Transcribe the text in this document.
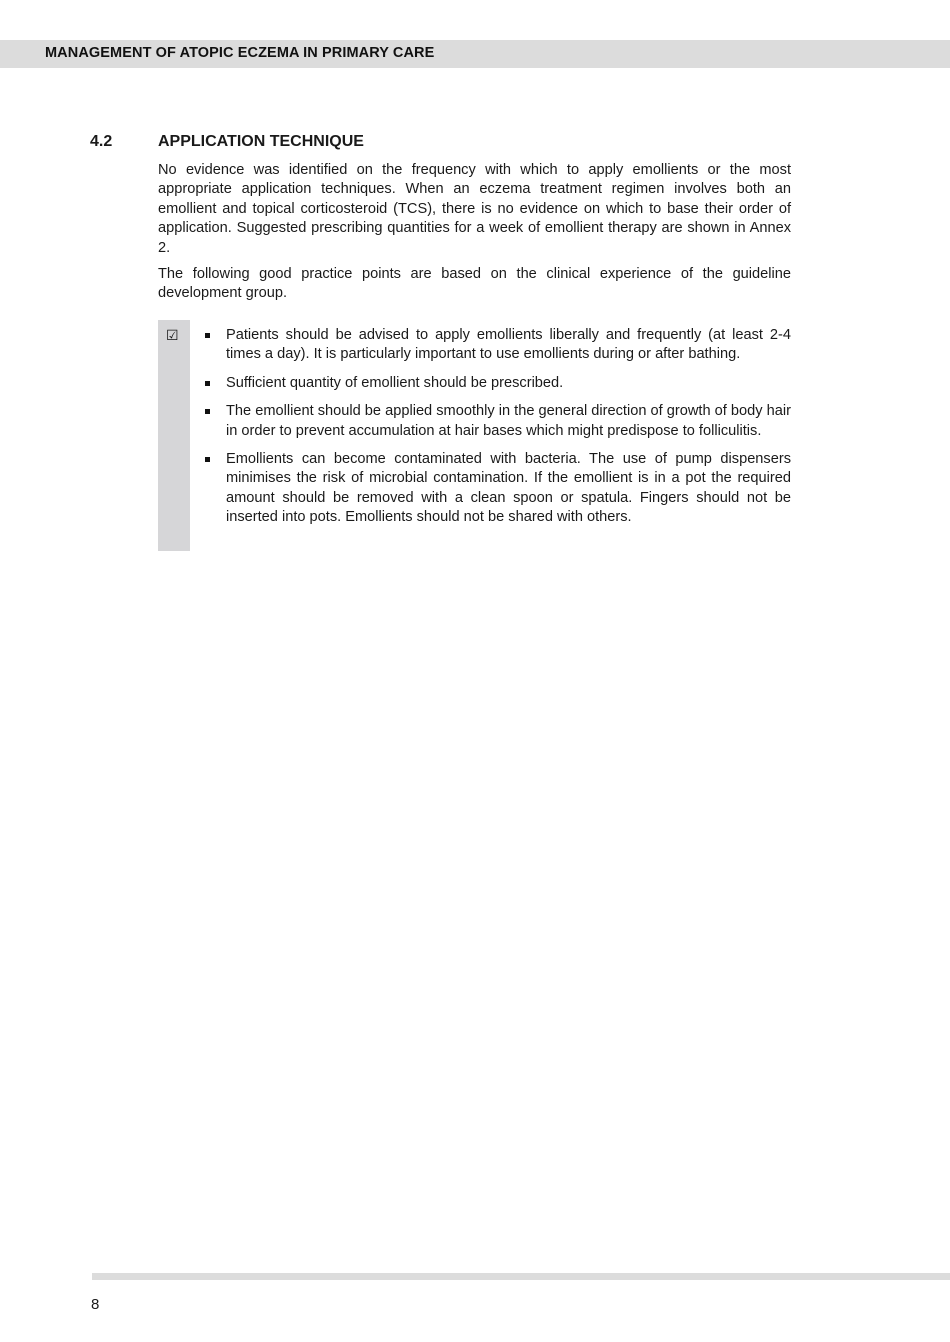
MANAGEMENT OF ATOPIC ECZEMA IN PRIMARY CARE
4.2	APPLICATION TECHNIQUE

No evidence was identified on the frequency with which to apply emollients or the most appropriate application techniques. When an eczema treatment regimen involves both an emollient and topical corticosteroid (TCS), there is no evidence on which to base their order of application. Suggested prescribing quantities for a week of emollient therapy are shown in Annex 2.

The following good practice points are based on the clinical experience of the guideline development group.

☑	Patients should be advised to apply emollients liberally and frequently (at least 2-4 times a day). It is particularly important to use emollients during or after bathing.
Sufficient quantity of emollient should be prescribed.
The emollient should be applied smoothly in the general direction of growth of body hair in order to prevent accumulation at hair bases which might predispose to folliculitis.
Emollients can become contaminated with bacteria. The use of pump dispensers minimises the risk of microbial contamination. If the emollient is in a pot the required amount should be removed with a clean spoon or spatula. Fingers should not be inserted into pots. Emollients should not be shared with others.
8
